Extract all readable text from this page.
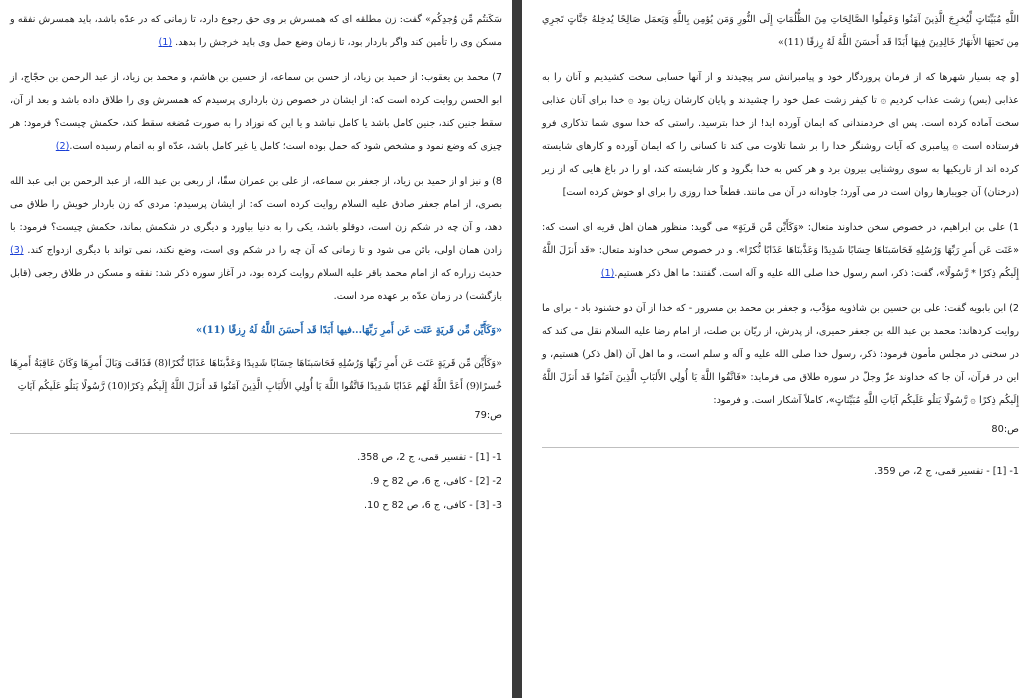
سَكَنتُم مِّن وُجدِكُم» گفت: زن مطلقه اى كه همسرش بر وى حق رجوع دارد، تا زمانى كه در عدّه باشد، بايد همسرش نفقه و مسكن وى را تأمين كند واگر باردار بود، تا زمان وضع حمل وى بايد خرجش را بدهد. (1)

7) محمد بن يعقوب: از حميد بن زياد، از حسن بن سماعه، از حسين بن هاشم، و محمد بن زياد، از عبد الرحمن بن حجّاج، از ابو الحسن روايت كرده است كه: از ايشان در خصوص زن باردارى پرسيدم كه همسرش وى را طلاق داده باشد و بعد از آن، سقط جنين كند، جنين كامل باشد يا كامل نباشد و يا اين كه نوزاد را به صورت مُضغه سقط كند، حكمش چيست؟ فرمود: هر چيزى كه وضع نمود و مشخص شود كه حمل بوده است؛ كامل يا غير كامل باشد، عدّه او به اتمام رسيده است.(2)

8) و نيز او از حميد بن زياد، از جعفر بن سماعه، از على بن عمران سقّا، از ربعى بن عبد الله، از عبد الرحمن بن ابى عبد الله بصرى، از امام جعفر صادق عليه السلام روايت كرده است كه: از ايشان پرسيدم: مردى كه زن باردار خويش را طلاق مى دهد، و آن چه در شكم زن است، دوقلو باشد، يكى را به دنيا بياورد و ديگرى در شكمش بماند، حكمش چيست؟ فرمود: با زادن همان اولى، بائن مى شود و تا زمانى كه آن چه را در شكم وى است، وضع نكند، نمى تواند با ديگرى ازدواج كند. (3) حديث زراره كه از امام محمد باقر عليه السلام روايت كرده بود، در آغاز سوره ذكر شد: نفقه و مسكن در طلاق رجعى (قابل بازگشت) در زمان عدّه بر عهده مرد است.

«وَكَأَيِّن مِّن قَريَةٍ عَتَت عَن أَمرِ رَبِّهَا...فيها أَبَدًا قَد أَحسَنَ اللَّهُ لَهُ رِزقًا (11)»

«وَكَأَيِّن مِّن قَريَةٍ عَتَت عَن أَمرِ رَبِّهَا وَرُسُلِهِ فَحَاسَبنَاهَا حِسَابًا شَدِيدًا وَعَذَّبنَاهَا عَذَابًا نُّكرًا(8) فَذَاقَت وَبَالَ أَمرِهَا وَكَانَ عَاقِبَةُ أَمرِهَا خُسرًا(9) أَعَدَّ اللَّهُ لَهُم عَذَابًا شَدِيدًا فَاتَّقُوا اللَّهَ يَا أُولِي الأَلبَابِ الَّذِينَ آمَنُوا قَد أَنزَلَ اللَّهُ إِلَيكُم ذِكرًا(10) رَّسُولًا يَتلُو عَلَيكُم آيَاتِ

ص:79

1- [1] - تفسير قمى، ج 2، ص 358.

2- [2] - كافى، ج 6، ص 82 ح 9.

3- [3] - كافى، ج 6، ص 82 ح 10.

اللَّهِ مُبَيِّنَاتٍ لِّيُخرِجَ الَّذِينَ آمَنُوا وَعَمِلُوا الصَّالِحَاتِ مِنَ الظُّلُمَاتِ إِلَى النُّورِ وَمَن يُؤمِن بِاللَّهِ وَيَعمَل صَالِحًا يُدخِلهُ جَنَّاتٍ تَجرِي مِن تَحتِهَا الأَنهَارُ خَالِدِينَ فِيهَا أَبَدًا قَد أَحسَنَ اللَّهُ لَهُ رِزقًا (11)»

[و چه بسيار شهرها كه از فرمان پروردگار خود و پيامبرانش سر پيچيدند و از آنها حسابى سخت كشيديم و آنان را به عذابى (بس) زشت عذاب كرديم ۞ تا كيفر زشت عمل خود را چشيدند و پايان كارشان زيان بود ۞ خدا براى آنان عذابى سخت آماده كرده است. پس اى خردمندانى كه ايمان آورده ايد! از خدا بترسيد. راستى كه خدا سوى شما تذكارى فرو فرستاده است ۞ پيامبرى كه آيات روشنگر خدا را بر شما تلاوت مى كند تا كسانى را كه ايمان آورده و كارهاى شايسته كرده اند از تاريكيها به سوى روشنايى بيرون برد و هر كس به خدا بگرود و كار شايسته كند، او را در باغ هايى كه از زير (درختان) آن جويبارها روان است در مى آورد؛ جاودانه در آن مى مانند. قطعاً خدا روزى را براى او خوش كرده است]

1) على بن ابراهيم، در خصوص سخن خداوند متعال: «وَكَأَيِّن مِّن قَريَةٍ» مى گويد: منظور همان اهل قريه اى است كه: «عَتَت عَن أَمرِ رَبِّهَا وَرُسُلِهِ فَحَاسَبنَاهَا حِسَابًا شَدِيدًا وَعَذَّبنَاهَا عَذَابًا نُّكرًا». و در خصوص سخن خداوند متعال: «قَد أَنزَلَ اللَّهُ إِلَيكُم ذِكرًا * رَّسُولًا»، گفت: ذكر، اسم رسول خدا صلى الله عليه و آله است. گفتند: ما اهل ذكر هستيم.(1)

2) ابن بابويه گفت: على بن حسين بن شاذويه مؤدِّب، و جعفر بن محمد بن مسرور - كه خدا از آن دو خشنود باد - براى ما روايت كردهاند: محمد بن عبد الله بن جعفر حميرى، از پدرش، از ريّان بن صلت، از امام رضا عليه السلام نقل مى كند كه در سخنى در مجلس مأمون فرمود: ذكر، رسول خدا صلى الله عليه و آله و سلم است، و ما اهل آن (اهل ذكر) هستيم، و اين در قرآن، آن جا كه خداوند عزّ وجلّ در سوره طلاق مى فرمايد: «فَاتَّقُوا اللَّهَ يَا أُولِي الأَلبَابِ الَّذِينَ آمَنُوا قَد أَنزَلَ اللَّهُ إِلَيكُم ذِكرًا ۞ رَّسُولًا يَتلُو عَلَيكُم آيَاتِ اللَّهِ مُبَيِّنَاتٍ»، كاملاً آشكار است. و فرمود:

ص:80

1- [1] - تفسير قمى، ج 2، ص 359.
